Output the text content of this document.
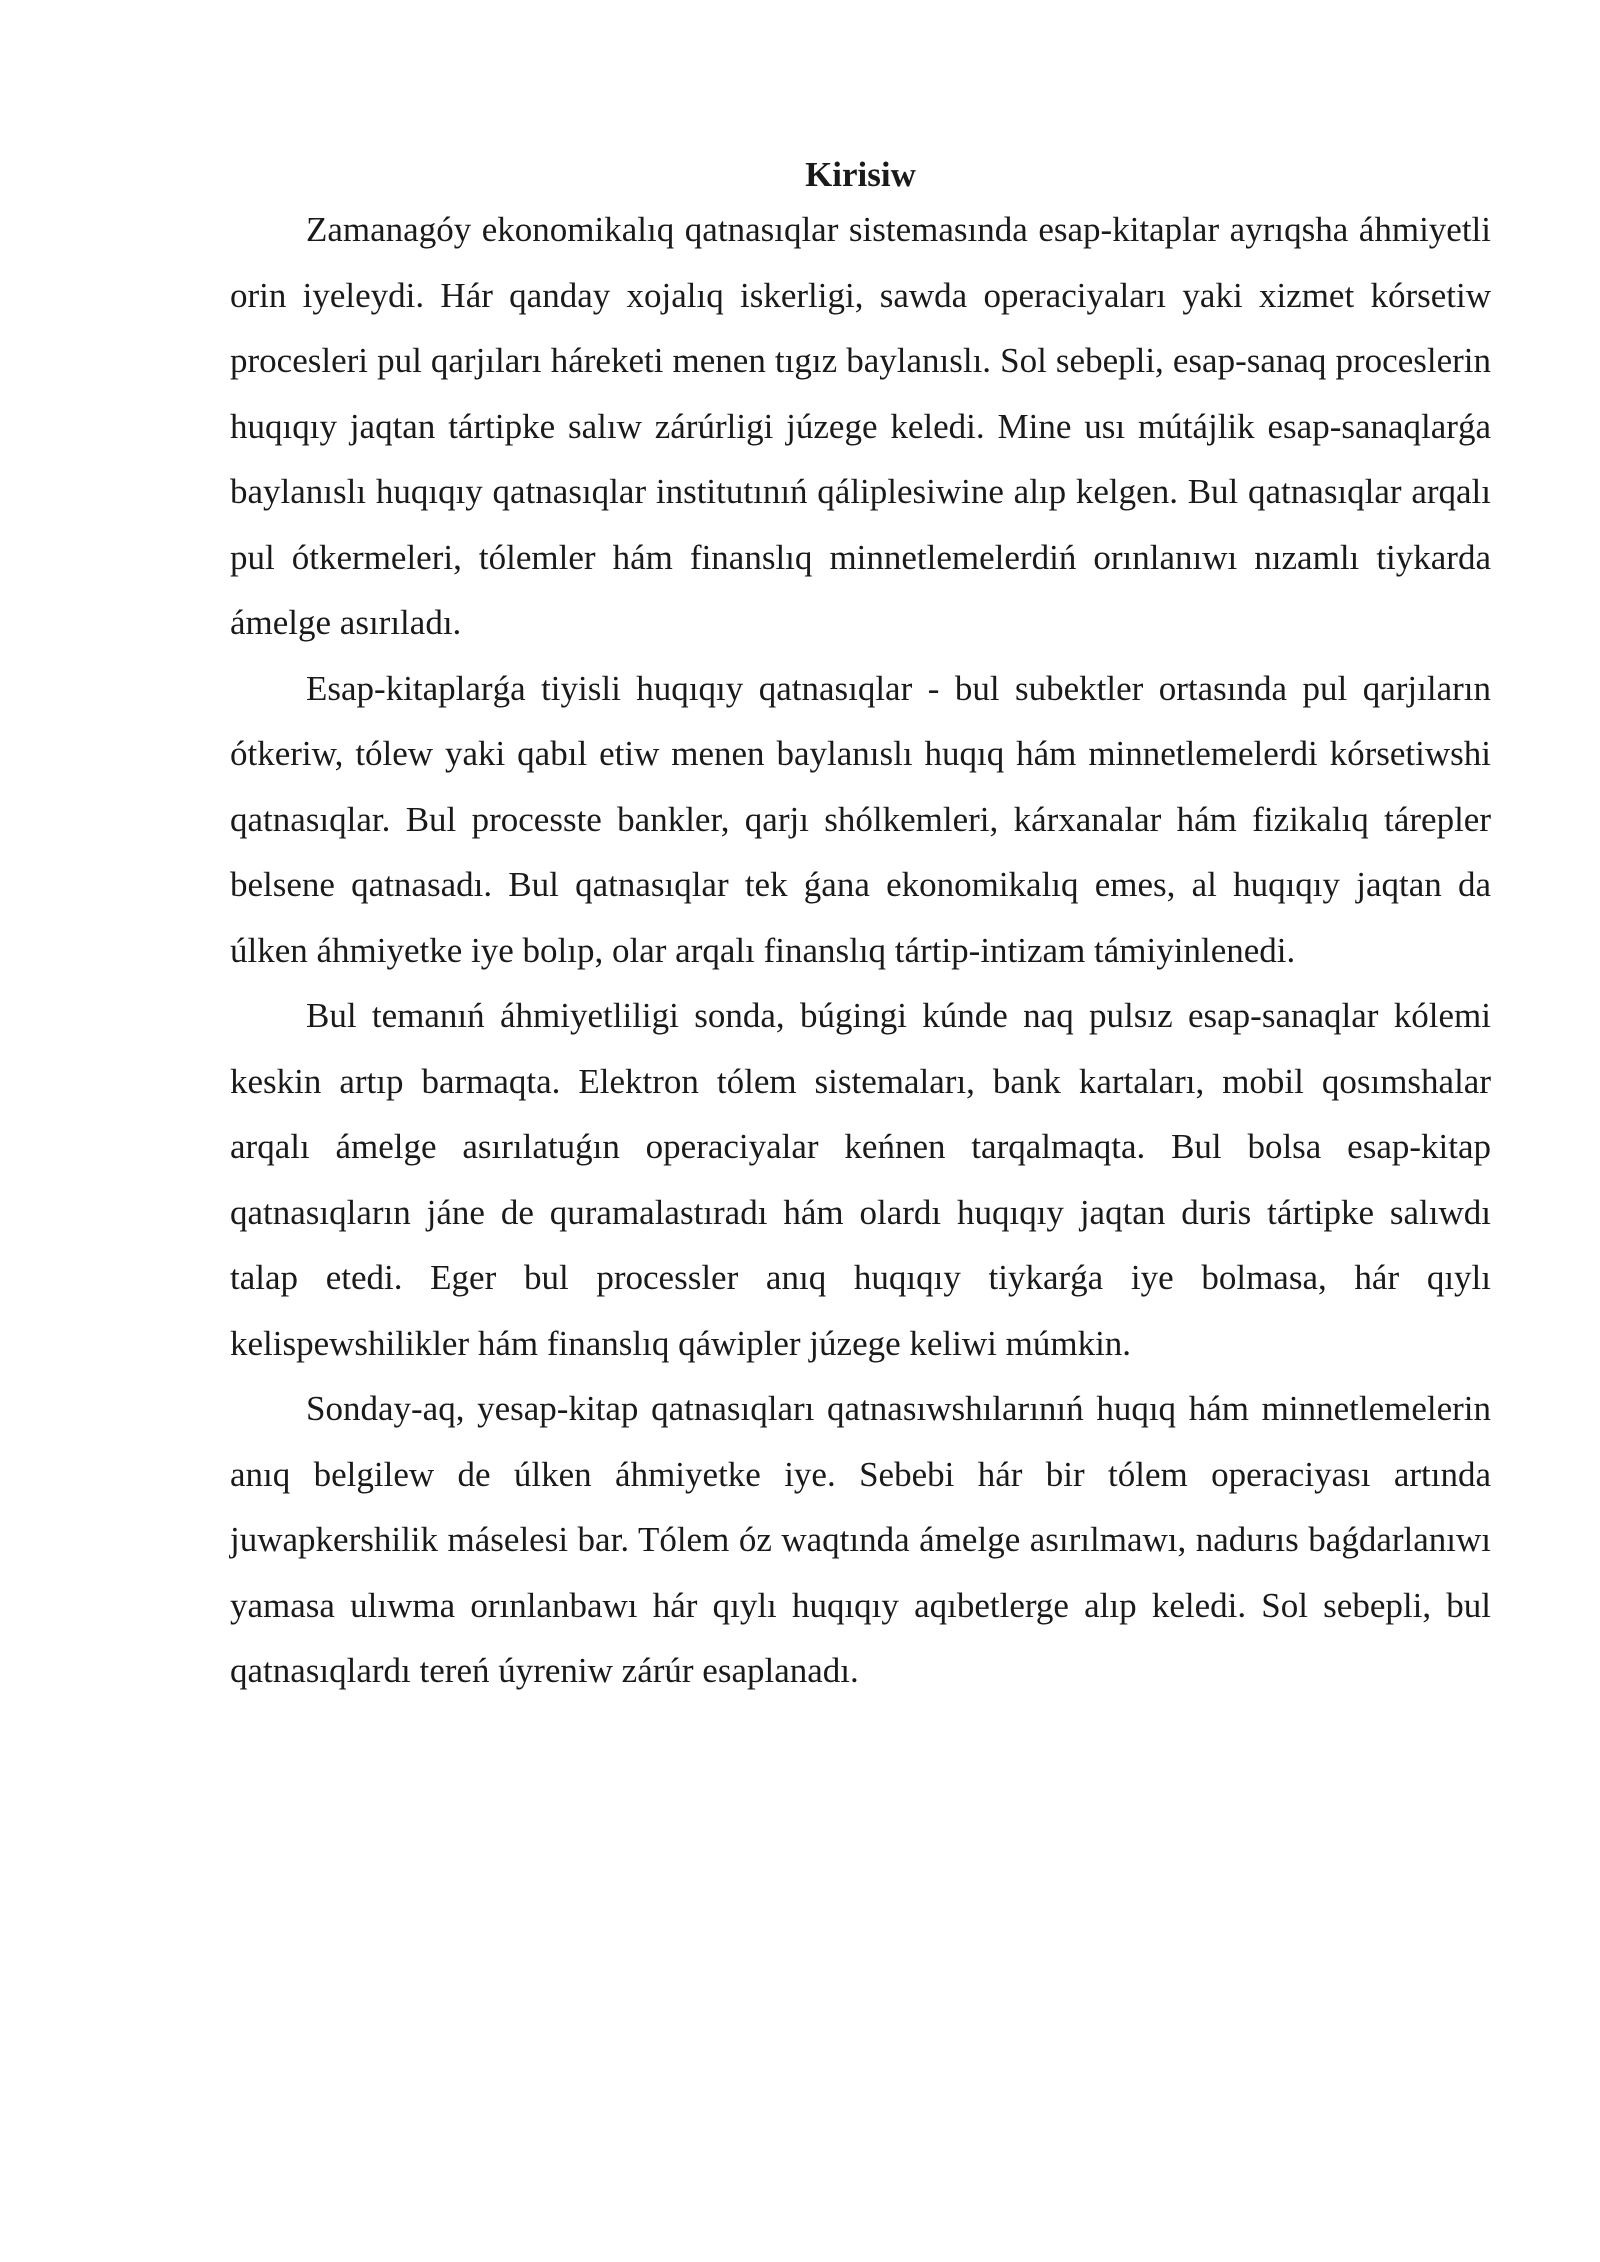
Kirisiw

Zamanagóy ekonomikalıq qatnasıqlar sistemasında esap-kitaplar ayrıqsha áhmiyetli orin iyeleydi. Hár qanday xojalıq iskerligi, sawda operaciyaları yaki xizmet kórsetiw procesleri pul qarjıları háreketi menen tıgız baylanıslı. Sol sebepli, esap-sanaq proceslerin huqıqıy jaqtan tártipke salıw zárúrligi júzege keledi. Mine usı mútájlik esap-sanaqlarǵa baylanıslı huqıqıy qatnasıqlar institutınıń qáliplesiwine alıp kelgen. Bul qatnasıqlar arqalı pul ótkermeleri, tólemler hám finanslıq minnetlemelerdiń orınlanıwı nızamlı tiykarda ámelge asırıladı.

Esap-kitaplarǵa tiyisli huqıqıy qatnasıqlar - bul subektler ortasında pul qarjıların ótkeriw, tólew yaki qabıl etiw menen baylanıslı huqıq hám minnetlemelerdi kórsetiwshi qatnasıqlar. Bul processte bankler, qarjı shólkemleri, kárxanalar hám fizikalıq tárepler belsene qatnasadı. Bul qatnasıqlar tek ǵana ekonomikalıq emes, al huqıqıy jaqtan da úlken áhmiyetke iye bolıp, olar arqalı finanslıq tártip-intizam támiyinlenedi.

Bul temanıń áhmiyetliligi sonda, búgingi kúnde naq pulsız esap-sanaqlar kólemi keskin artıp barmaqta. Elektron tólem sistemaları, bank kartaları, mobil qosımshalar arqalı ámelge asırılatuǵın operaciyalar keńnen tarqalmaqta. Bul bolsa esap-kitap qatnasıqların jáne de quramalastıradı hám olardı huqıqıy jaqtan duris tártipke salıwdı talap etedi. Eger bul processler anıq huqıqıy tiykarǵa iye bolmasa, hár qıylı kelispewshilikler hám finanslıq qáwipler júzege keliwi múmkin.

Sonday-aq, yesap-kitap qatnasıqları qatnasıwshılarınıń huqıq hám minnetlemelerin anıq belgilew de úlken áhmiyetke iye. Sebebi hár bir tólem operaciyası artında juwapkershilik máselesi bar. Tólem óz waqtında ámelge asırılmawı, nadurıs baǵdarlanıwı yamasa ulıwma orınlanbawı hár qıylı huqıqıy aqıbetlerge alıp keledi. Sol sebepli, bul qatnasıqlardı tereń úyreniw zárúr esaplanadı.
